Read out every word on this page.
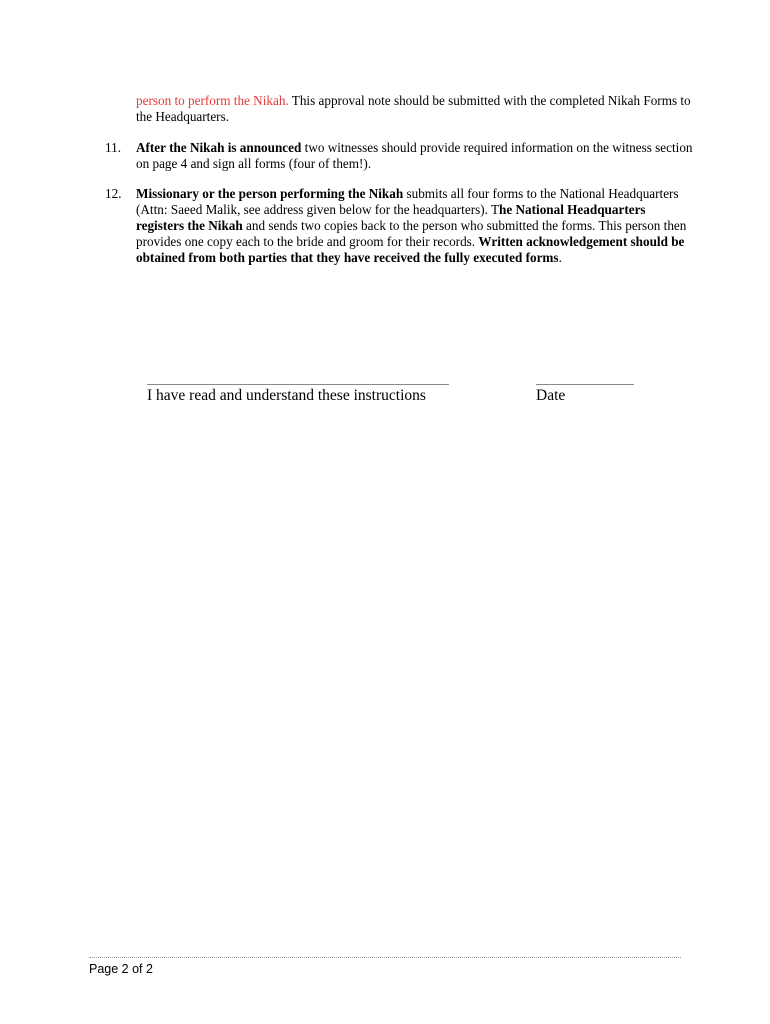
person to perform the Nikah. This approval note should be submitted with the completed Nikah Forms to the Headquarters.
11.	After the Nikah is announced two witnesses should provide required information on the witness section on page 4 and sign all forms (four of them!).
12.	Missionary or the person performing the Nikah submits all four forms to the National Headquarters (Attn: Saeed Malik, see address given below for the headquarters). The National Headquarters registers the Nikah and sends two copies back to the person who submitted the forms. This person then provides one copy each to the bride and groom for their records. Written acknowledgement should be obtained from both parties that they have received the fully executed forms.
I have read and understand these instructions	Date
Page 2 of 2
